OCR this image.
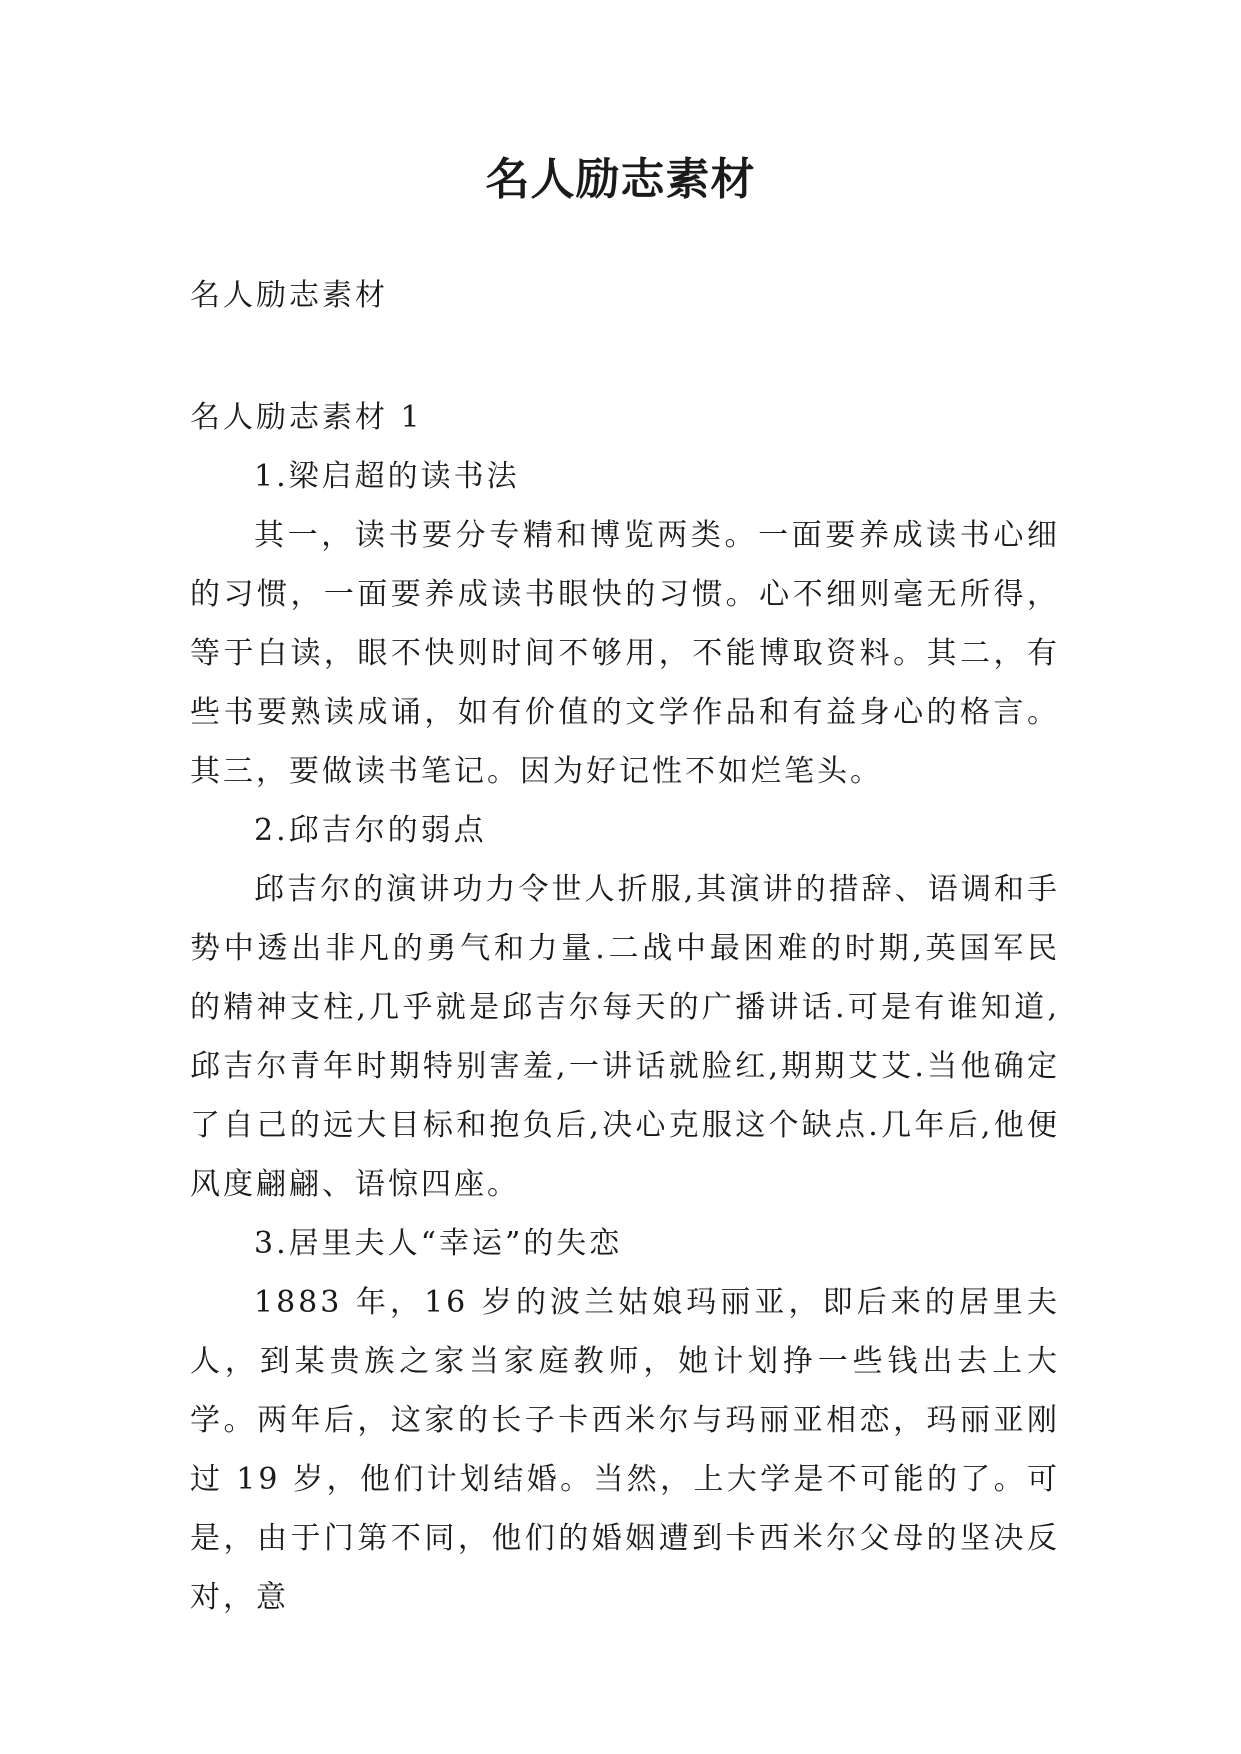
名人励志素材

名人励志素材

名人励志素材 1

1.梁启超的读书法

其一，读书要分专精和博览两类。一面要养成读书心细的习惯，一面要养成读书眼快的习惯。心不细则毫无所得，等于白读，眼不快则时间不够用，不能博取资料。其二，有些书要熟读成诵，如有价值的文学作品和有益身心的格言。其三，要做读书笔记。因为好记性不如烂笔头。

2.邱吉尔的弱点

邱吉尔的演讲功力令世人折服,其演讲的措辞、语调和手势中透出非凡的勇气和力量.二战中最困难的时期,英国军民的精神支柱,几乎就是邱吉尔每天的广播讲话.可是有谁知道,邱吉尔青年时期特别害羞,一讲话就脸红,期期艾艾.当他确定了自己的远大目标和抱负后,决心克服这个缺点.几年后,他便风度翩翩、语惊四座。

3.居里夫人“幸运”的失恋

1883 年，16 岁的波兰姑娘玛丽亚，即后来的居里夫人，到某贵族之家当家庭教师，她计划挣一些钱出去上大学。两年后，这家的长子卡西米尔与玛丽亚相恋，玛丽亚刚过 19 岁，他们计划结婚。当然，上大学是不可能的了。可是，由于门第不同，他们的婚姻遭到卡西米尔父母的坚决反对，意
